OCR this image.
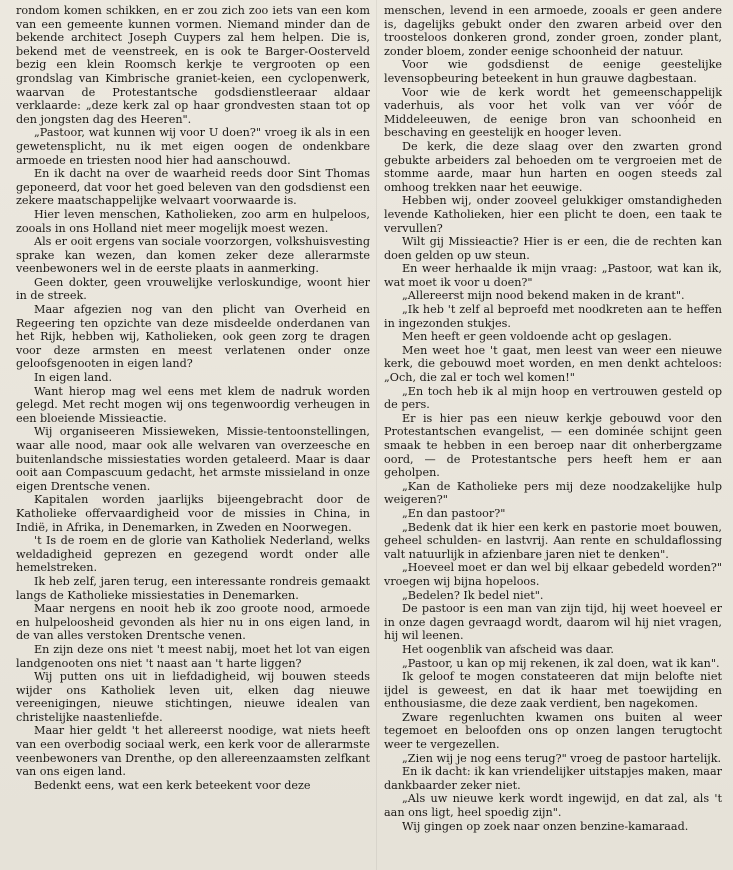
rondom komen schikken, en er zou zich zoo iets van een kom van een gemeente kunnen vormen. Niemand minder dan de bekende architect Joseph Cuypers zal hem helpen. Die is, bekend met de veenstreek, en is ook te Barger-Oosterveld bezig een klein Roomsch kerkje te vergrooten op een grondslag van Kimbrische graniet-keien, een cyclopenwerk, waarvan de Protestantsche godsdienstleeraar aldaar verklaarde: „deze kerk zal op haar grondvesten staan tot op den jongsten dag des Heeren".

„Pastoor, wat kunnen wij voor U doen?" vroeg ik als in een gewetensplicht, nu ik met eigen oogen de ondenkbare armoede en triesten nood hier had aanschouwd.

En ik dacht na over de waarheid reeds door Sint Thomas geponeerd, dat voor het goed beleven van den godsdienst een zekere maatschappelijke welvaart voorwaarde is.

Hier leven menschen, Katholieken, zoo arm en hulpeloos, zooals in ons Holland niet meer mogelijk moest wezen.

Als er ooit ergens van sociale voorzorgen, volkshuisvesting sprake kan wezen, dan komen zeker deze allerarmste veenbewoners wel in de eerste plaats in aanmerking.

Geen dokter, geen vrouwelijke verloskundige, woont hier in de streek.

Maar afgezien nog van den plicht van Overheid en Regeering ten opzichte van deze misdeelde onderdanen van het Rijk, hebben wij, Katholieken, ook geen zorg te dragen voor deze armsten en meest verlatenen onder onze geloofsgenooten in eigen land?

In eigen land.

Want hierop mag wel eens met klem de nadruk worden gelegd. Met recht mogen wij ons tegenwoordig verheugen in een bloeiende Missieactie.

Wij organiseeren Missieweken, Missie-tentoonstellingen, waar alle nood, maar ook alle welvaren van overzeesche en buitenlandsche missiestaties worden getaleerd. Maar is daar ooit aan Compascuum gedacht, het armste missieland in onze eigen Drentsche venen.

Kapitalen worden jaarlijks bijeengebracht door de Katholieke offervaardigheid voor de missies in China, in Indië, in Afrika, in Denemarken, in Zweden en Noorwegen.

't Is de roem en de glorie van Katholiek Nederland, welks weldadigheid geprezen en gezegend wordt onder alle hemelstreken.

Ik heb zelf, jaren terug, een interessante rondreis gemaakt langs de Katholieke missiestaties in Denemarken.

Maar nergens en nooit heb ik zoo groote nood, armoede en hulpeloosheid gevonden als hier nu in ons eigen land, in de van alles verstoken Drentsche venen.

En zijn deze ons niet 't meest nabij, moet het lot van eigen landgenooten ons niet 't naast aan 't harte liggen?

Wij putten ons uit in liefdadigheid, wij bouwen steeds wijder ons Katholiek leven uit, elken dag nieuwe vereenigingen, nieuwe stichtingen, nieuwe idealen van christelijke naastenliefde.

Maar hier geldt 't het allereerst noodige, wat niets heeft van een overbodig sociaal werk, een kerk voor de allerarmste veenbewoners van Drenthe, op den allereenzaamsten zelfkant van ons eigen land.

Bedenkt eens, wat een kerk beteekent voor deze

menschen, levend in een armoede, zooals er geen andere is, dagelijks gebukt onder den zwaren arbeid over den troosteloos donkeren grond, zonder groen, zonder plant, zonder bloem, zonder eenige schoonheid der natuur.

Voor wie godsdienst de eenige geestelijke levensopbeuring beteekent in hun grauwe dagbestaan.

Voor wie de kerk wordt het gemeenschappelijk vaderhuis, als voor het volk van ver vóór de Middeleeuwen, de eenige bron van schoonheid en beschaving en geestelijk en hooger leven.

De kerk, die deze slaag over den zwarten grond gebukte arbeiders zal behoeden om te vergroeien met de stomme aarde, maar hun harten en oogen steeds zal omhoog trekken naar het eeuwige.

Hebben wij, onder zooveel gelukkiger omstandigheden levende Katholieken, hier een plicht te doen, een taak te vervullen?

Wilt gij Missieactie? Hier is er een, die de rechten kan doen gelden op uw steun.

En weer herhaalde ik mijn vraag: „Pastoor, wat kan ik, wat moet ik voor u doen?"

„Allereerst mijn nood bekend maken in de krant".

„Ik heb 't zelf al beproefd met noodkreten aan te heffen in ingezonden stukjes.

Men heeft er geen voldoende acht op geslagen.

Men weet hoe 't gaat, men leest van weer een nieuwe kerk, die gebouwd moet worden, en men denkt achteloos: „Och, die zal er toch wel komen!"

„En toch heb ik al mijn hoop en vertrouwen gesteld op de pers.

Er is hier pas een nieuw kerkje gebouwd voor den Protestantschen evangelist, — een dominée schijnt geen smaak te hebben in een beroep naar dit onherbergzame oord, — de Protestantsche pers heeft hem er aan geholpen.

„Kan de Katholieke pers mij deze noodzakelijke hulp weigeren?"

„En dan pastoor?"

„Bedenk dat ik hier een kerk en pastorie moet bouwen, geheel schulden- en lastvrij. Aan rente en schuldaflossing valt natuurlijk in afzienbare jaren niet te denken".

„Hoeveel moet er dan wel bij elkaar gebedeld worden?" vroegen wij bijna hopeloos.

„Bedelen? Ik bedel niet".

De pastoor is een man van zijn tijd, hij weet hoeveel er in onze dagen gevraagd wordt, daarom wil hij niet vragen, hij wil leenen.

Het oogenblik van afscheid was daar.

„Pastoor, u kan op mij rekenen, ik zal doen, wat ik kan".

Ik geloof te mogen constateeren dat mijn belofte niet ijdel is geweest, en dat ik haar met toewijding en enthousiasme, die deze zaak verdient, ben nagekomen.

Zware regenluchten kwamen ons buiten al weer tegemoet en beloofden ons op onzen langen terugtocht weer te vergezellen.

„Zien wij je nog eens terug?" vroeg de pastoor hartelijk.

En ik dacht: ik kan vriendelijker uitstapjes maken, maar dankbaarder zeker niet.

„Als uw nieuwe kerk wordt ingewijd, en dat zal, als 't aan ons ligt, heel spoedig zijn".

Wij gingen op zoek naar onzen benzine-kamaraad.
